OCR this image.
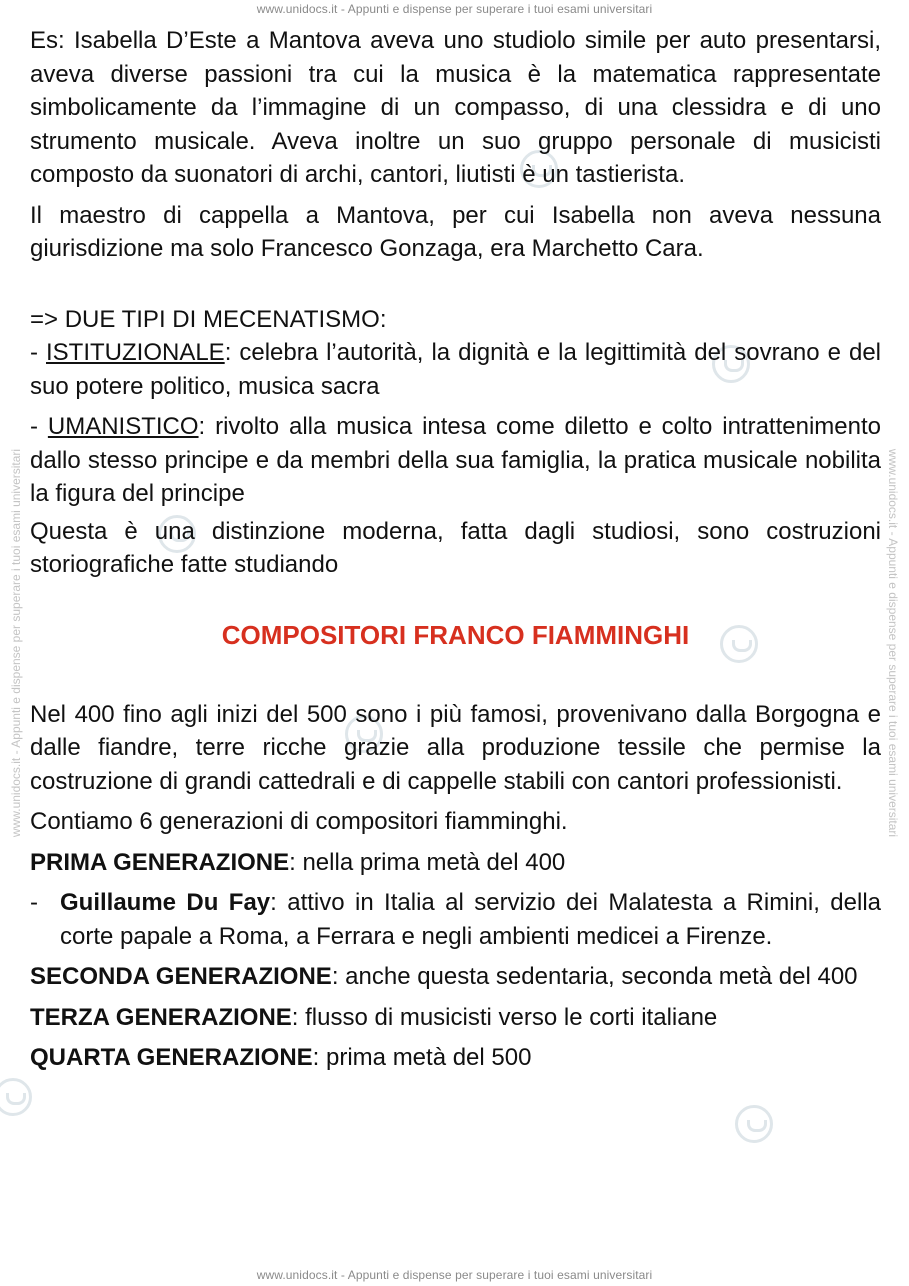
www.unidocs.it - Appunti e dispense per superare i tuoi esami universitari
www.unidocs.it - Appunti e dispense per superare i tuoi esami universitari
www.unidocs.it - Appunti e dispense per superare i tuoi esami universitari	www.unidocs.it - Appunti e dispense per superare i tuoi esami universitari

Es: Isabella D’Este a Mantova aveva uno studiolo simile per auto presentarsi, aveva diverse passioni tra cui la musica è la matematica rappresentate simbolicamente da l’immagine di un compasso, di una clessidra e di uno strumento musicale. Aveva inoltre un suo gruppo personale di musicisti composto da suonatori di archi, cantori, liutisti è un tastierista.

Il maestro di cappella a Mantova, per cui Isabella non aveva nessuna giurisdizione ma solo Francesco Gonzaga, era Marchetto Cara.

=> DUE TIPI DI MECENATISMO:

- ISTITUZIONALE: celebra l’autorità, la dignità e la legittimità del sovrano e del suo potere politico, musica sacra

- UMANISTICO: rivolto alla musica intesa come diletto e colto intrattenimento dallo stesso principe e da membri della sua famiglia, la pratica musicale nobilita la figura del principe

Questa è una distinzione moderna, fatta dagli studiosi, sono costruzioni storiografiche fatte studiando

COMPOSITORI FRANCO FIAMMINGHI

Nel 400 fino agli inizi del 500 sono i più famosi, provenivano dalla Borgogna e dalle fiandre, terre ricche grazie alla produzione tessile che permise la costruzione di grandi cattedrali e di cappelle stabili con cantori professionisti.

Contiamo 6 generazioni di compositori fiamminghi.

PRIMA GENERAZIONE: nella prima metà del 400

- Guillaume Du Fay: attivo in Italia al servizio dei Malatesta a Rimini, della corte papale a Roma, a Ferrara e negli ambienti medicei a Firenze.

SECONDA GENERAZIONE: anche questa sedentaria, seconda metà del 400

TERZA GENERAZIONE: flusso di musicisti verso le corti italiane

QUARTA GENERAZIONE: prima metà del 500
